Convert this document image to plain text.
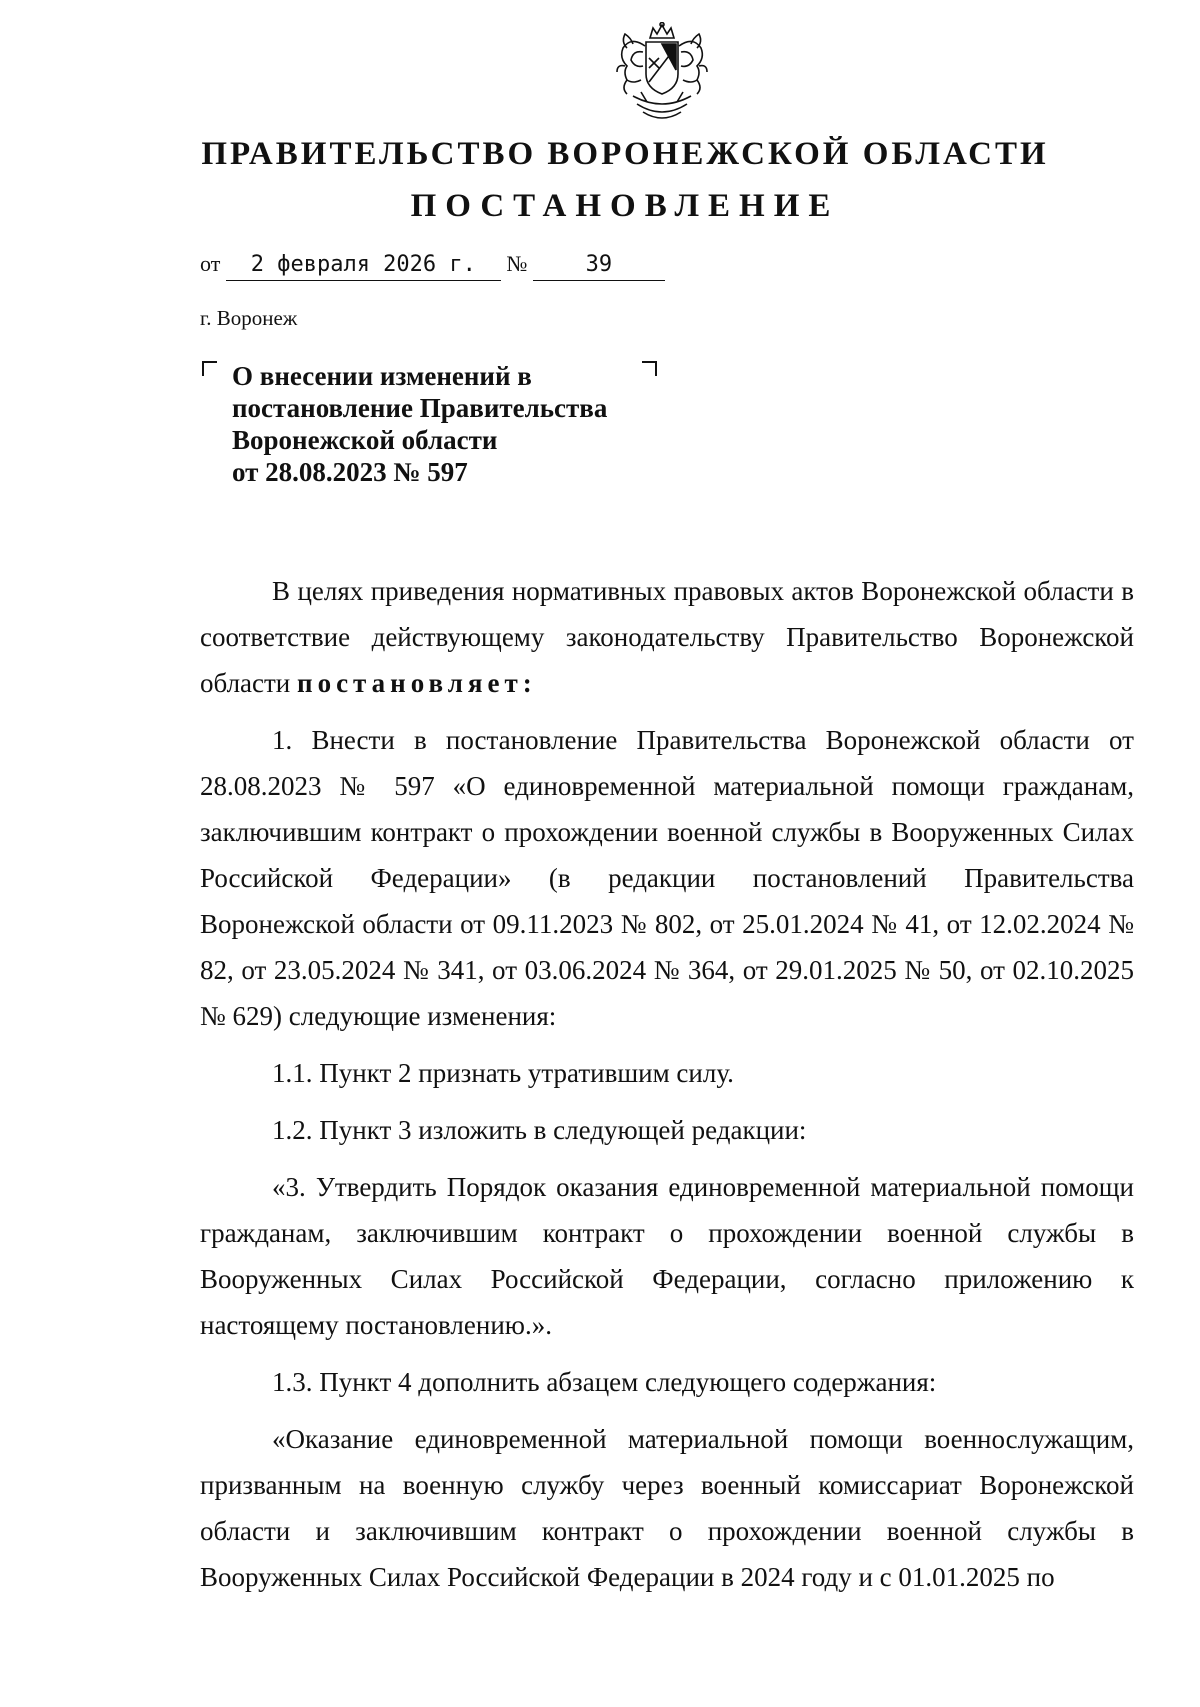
ПРАВИТЕЛЬСТВО ВОРОНЕЖСКОЙ ОБЛАСТИ
ПОСТАНОВЛЕНИЕ
от 2 февраля 2026 г. №	39
г. Воронеж
О внесении изменений в
постановление Правительства
Воронежской области
от 28.08.2023 № 597

В целях приведения нормативных правовых актов Воронежской области в соответствие действующему законодательству Правительство Воронежской области постановляет:

1. Внести в постановление Правительства Воронежской области от 28.08.2023 № 597 «О единовременной материальной помощи гражданам, заключившим контракт о прохождении военной службы в Вооруженных Силах Российской Федерации» (в редакции постановлений Правительства Воронежской области от 09.11.2023 № 802, от 25.01.2024 № 41, от 12.02.2024 № 82, от 23.05.2024 № 341, от 03.06.2024 № 364, от 29.01.2025 № 50, от 02.10.2025 № 629) следующие изменения:

1.1. Пункт 2 признать утратившим силу.

1.2. Пункт 3 изложить в следующей редакции:

«3. Утвердить Порядок оказания единовременной материальной помощи гражданам, заключившим контракт о прохождении военной службы в Вооруженных Силах Российской Федерации, согласно приложению к настоящему постановлению.».

1.3. Пункт 4 дополнить абзацем следующего содержания:

«Оказание единовременной материальной помощи военнослужащим, призванным на военную службу через военный комиссариат Воронежской области и заключившим контракт о прохождении военной службы в Вооруженных Силах Российской Федерации в 2024 году и с 01.01.2025 по
